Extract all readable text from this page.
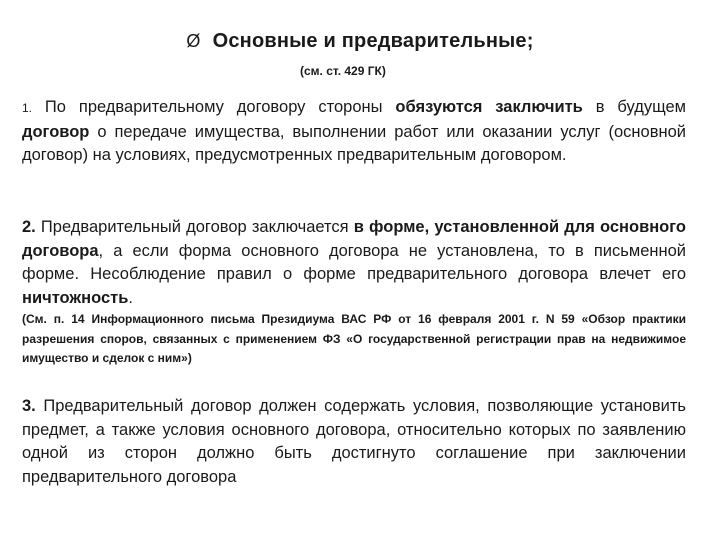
Ø Основные и предварительные;
(см. ст. 429 ГК)
1. По предварительному договору стороны обязуются заключить в будущем договор о передаче имущества, выполнении работ или оказании услуг (основной договор) на условиях, предусмотренных предварительным договором.
2. Предварительный договор заключается в форме, установленной для основного договора, а если форма основного договора не установлена, то в письменной форме. Несоблюдение правил о форме предварительного договора влечет его ничтожность.
(См. п. 14 Информационного письма Президиума ВАС РФ от 16 февраля 2001 г. N 59 «Обзор практики разрешения споров, связанных с применением ФЗ «О государственной регистрации прав на недвижимое имущество и сделок с ним»)
3. Предварительный договор должен содержать условия, позволяющие установить предмет, а также условия основного договора, относительно которых по заявлению одной из сторон должно быть достигнуто соглашение при заключении предварительного договора
